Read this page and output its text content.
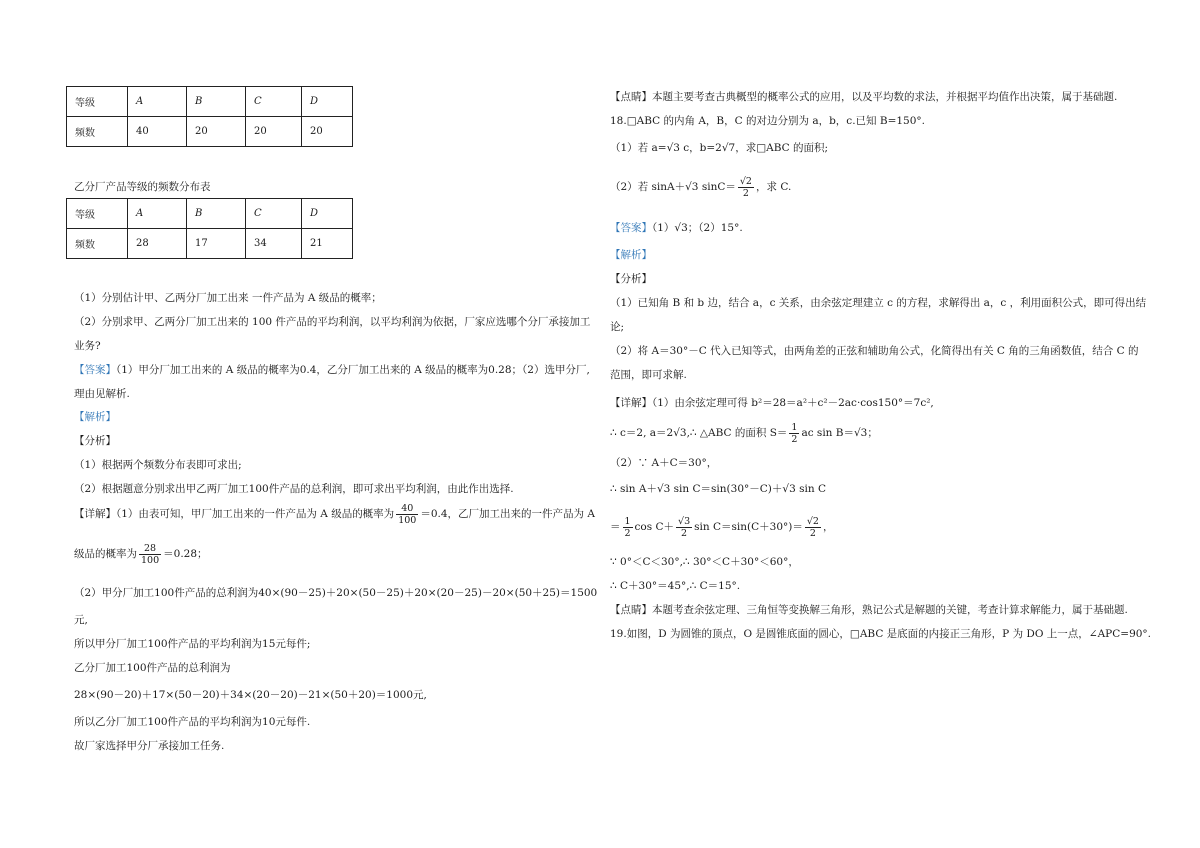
等级	A	B	C	D
频数	40	20	20	20
乙分厂产品等级的频数分布表
等级	A	B	C	D
频数	28	17	34	21
（1）分别估计甲、乙两分厂加工出来 一件产品为 A 级品的概率；
（2）分别求甲、乙两分厂加工出来的 100 件产品的平均利润，以平均利润为依据，厂家应选哪个分厂承接加工
业务?
【答案】（1）甲分厂加工出来的 A 级品的概率为0.4，乙分厂加工出来的 A 级品的概率为0.28；（2）选甲分厂,
理由见解析.
【解析】
【分析】
（1）根据两个频数分布表即可求出;
（2）根据题意分别求出甲乙两厂加工100件产品的总利润，即可求出平均利润，由此作出选择.
【详解】（1）由表可知，甲厂加工出来的一件产品为 A 级品的概率为 $\frac{40}{100} =0.4$，乙厂加工出来的一件产品为 A
级品的概率为 $\frac{28}{100} =0.28$；
（2）甲分厂加工100件产品的总利润为40×(90－25)＋20×(50－25)＋20×(20－25)－20×(50＋25)＝1500
元,
所以甲分厂加工100件产品的平均利润为15元每件;
乙分厂加工100件产品的总利润为
28×(90－20)＋17×(50－20)＋34×(20－20)－21×(50＋20)＝1000元,
所以乙分厂加工100件产品的平均利润为10元每件.
故厂家选择甲分厂承接加工任务.
【点睛】本题主要考查古典概型的概率公式的应用，以及平均数的求法，并根据平均值作出决策，属于基础题.
18.□ABC 的内角 A，B，C 的对边分别为 a，b，c.已知 B=150°.
（1）若 a=√3 c，b=2√7，求□ABC 的面积;
（2）若 sinA＋√3 $\sin C= \frac{√2}{2}$ ，求 C.
【答案】（1）√3；（2）15°.
【解析】
【分析】
（1）已知角 B 和 b 边，结合 a，c 关系，由余弦定理建立 c 的方程，求解得出 a，c ，利用面积公式，即可得出结
论;
（2）将 A＝30°－C 代入已知等式，由两角差的正弦和辅助角公式，化简得出有关 C 角的三角函数值，结合 C 的
范围，即可求解.
【详解】（1）由余弦定理可得 b²＝28＝a²＋c²－2ac·cos150°＝7c²,
∴ c＝2, a＝2√3,∴ △ABC 的面积 $S= \frac{1}{2}$ ac sin B＝√3；
（2）∵ A＋C＝30°，
∴ sin A＋√3 sin C＝sin(30°－C)＋√3 sin C
＝ $\frac{1}{2}$ $\cos C+ \frac{√3}{2}$ $\sin C=\sin(C+30^\circ)= \frac{√2}{2}$ ，
∵ 0°＜C＜30°,∴ 30°＜C＋30°＜60°，
∴ C＋30°＝45°,∴ C＝15°.
【点睛】本题考查余弦定理、三角恒等变换解三角形，熟记公式是解题的关键，考查计算求解能力，属于基础题.
19.如图，D 为圆锥的顶点，O 是圆锥底面的圆心，□ABC 是底面的内接正三角形，P 为 DO 上一点，∠APC=90°.
